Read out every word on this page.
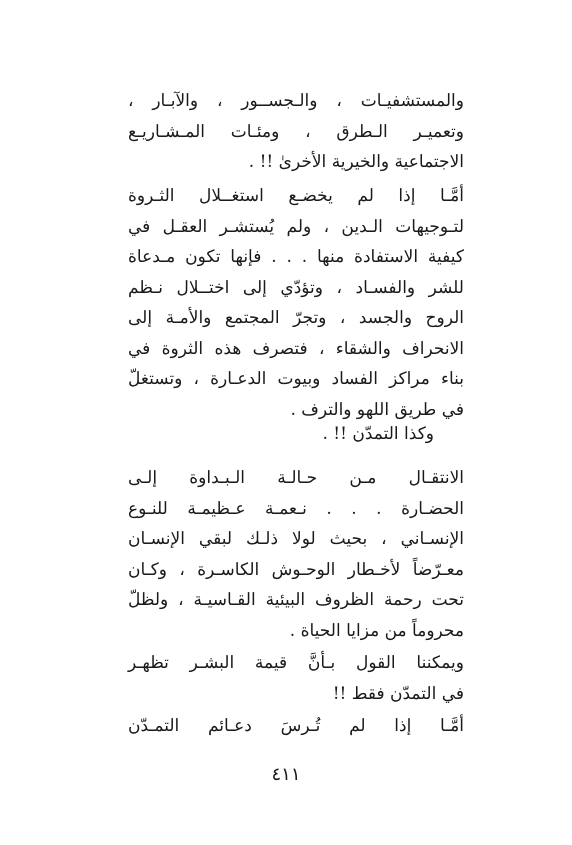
والمستشفيـات ، والـجســور ، والآبـار ،
وتعميـر الـطرق ، ومئـات المـشـاريـع
الاجتماعية والخيرية الأخرىٰ !! .
أمَّـا إذا لم يخضـع استغــلال الثـروة
لتـوجيهات الـدين ، ولم يُستشـر العقـل في
كيفية الاستفادة منها . . . فإنها تكون مـدعاة
للشر والفسـاد ، وتؤدّي إلى اختــلال نـظم
الروح والجسد ، وتجرّ المجتمع والأمـة إلى
الانحراف والشقاء ، فتصرف هذه الثروة في
بناء مراكز الفساد وبيوت الدعـارة ، وتستغلّ
في طريق اللهو والترف .
وكذا التمدّن !! .
الانتقـال مـن حـالـة الـبـداوة إلـى
الحضـارة . . . نـعمـة عـظيمـة للنـوع
الإنسـاني ، بحيث لولا ذلـك لبقي الإنسـان
معـرّضاً لأخـطار الوحـوش الكاسـرة ، وكـان
تحت رحمة الظروف البيئية القـاسيـة ، ولظلّ
محروماً من مزايا الحياة .
ويمكننا القول بـأنَّ قيمة البشـر تظهـر
في التمدّن فقط !!
أمَّـا إذا لم تُـرسَ دعـائم التمـدّن
٤١١
